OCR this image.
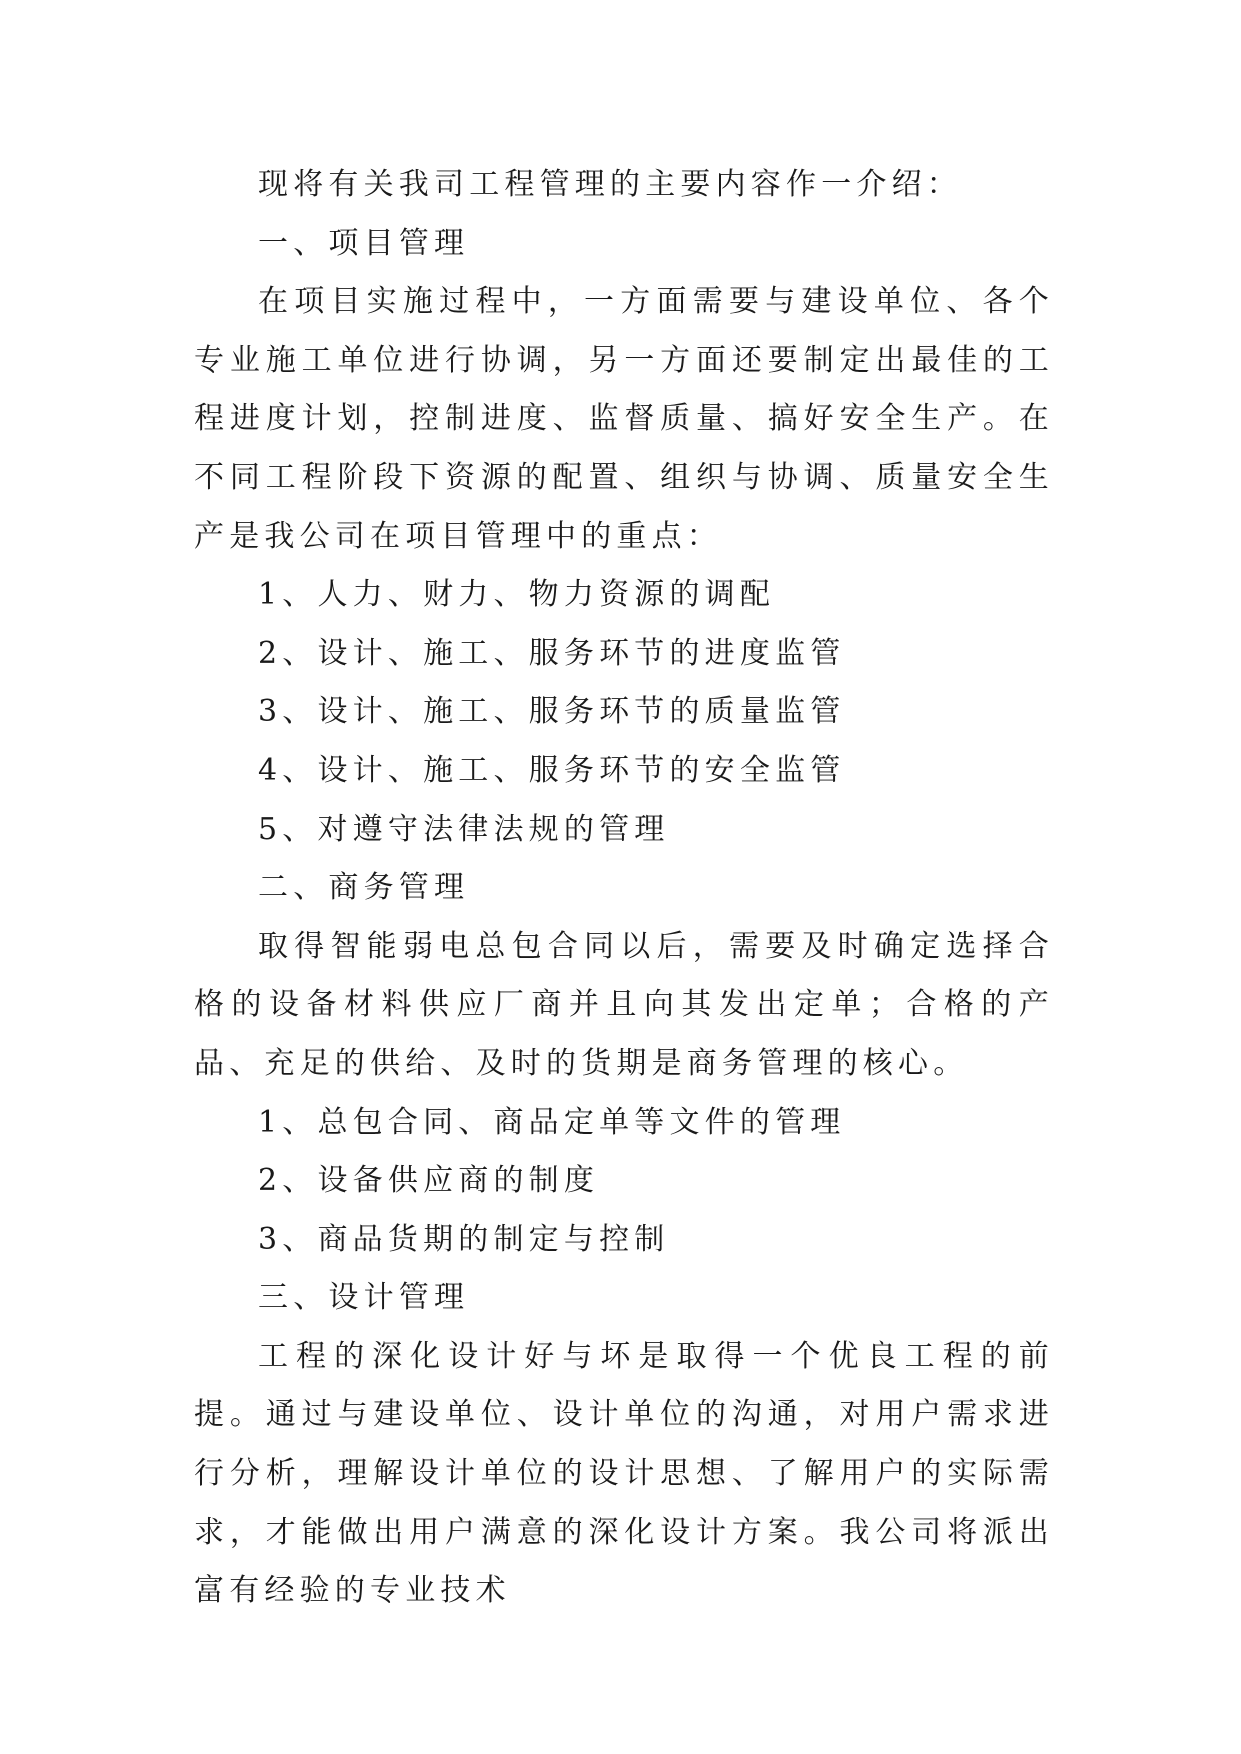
现将有关我司工程管理的主要内容作一介绍：

一、项目管理

在项目实施过程中，一方面需要与建设单位、各个专业施工单位进行协调，另一方面还要制定出最佳的工程进度计划，控制进度、监督质量、搞好安全生产。在不同工程阶段下资源的配置、组织与协调、质量安全生产是我公司在项目管理中的重点：

1、人力、财力、物力资源的调配

2、设计、施工、服务环节的进度监管

3、设计、施工、服务环节的质量监管

4、设计、施工、服务环节的安全监管

5、对遵守法律法规的管理

二、商务管理

取得智能弱电总包合同以后，需要及时确定选择合格的设备材料供应厂商并且向其发出定单；合格的产品、充足的供给、及时的货期是商务管理的核心。

1、总包合同、商品定单等文件的管理

2、设备供应商的制度

3、商品货期的制定与控制

三、设计管理

工程的深化设计好与坏是取得一个优良工程的前提。通过与建设单位、设计单位的沟通，对用户需求进行分析，理解设计单位的设计思想、了解用户的实际需求，才能做出用户满意的深化设计方案。我公司将派出富有经验的专业技术
